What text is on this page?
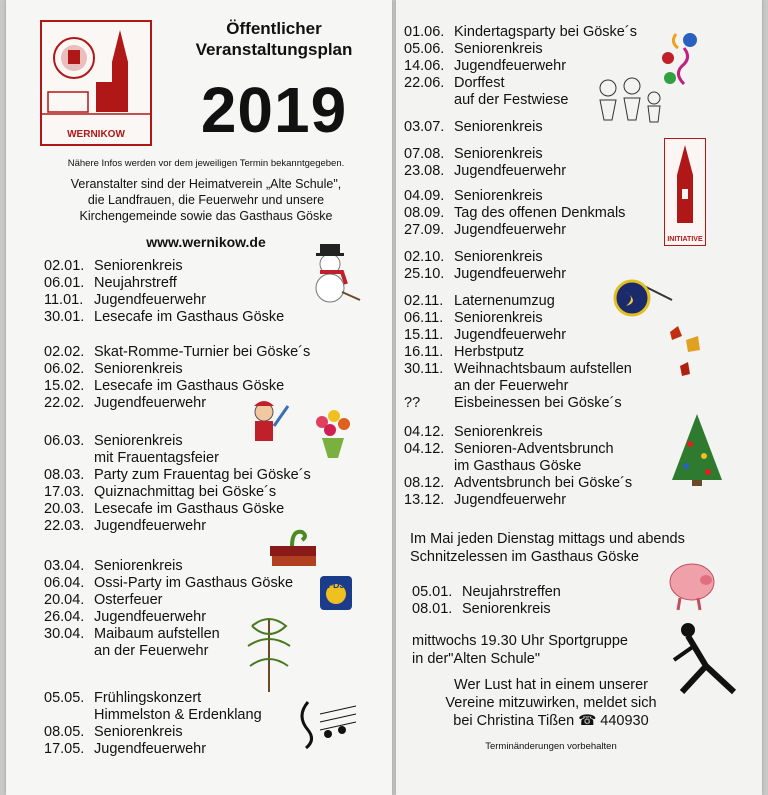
WERNIKOW
Öffentlicher
Veranstaltungsplan
2019
Nähere Infos werden vor dem jeweiligen Termin bekanntgegeben.
Veranstalter sind der Heimatverein „Alte Schule",
die Landfrauen, die Feuerwehr und unsere
Kirchengemeinde sowie das Gasthaus Göske
www.wernikow.de
02.01. Seniorenkreis
06.01. Neujahrstreff
11.01. Jugendfeuerwehr
30.01. Lesecafe im Gasthaus Göske
02.02. Skat-Romme-Turnier bei Göske´s
06.02. Seniorenkreis
15.02. Lesecafe im Gasthaus Göske
22.02. Jugendfeuerwehr
06.03. Seniorenkreis
mit Frauentagsfeier
08.03. Party zum Frauentag bei Göske´s
17.03. Quiznachmittag bei Göske´s
20.03. Lesecafe im Gasthaus Göske
22.03. Jugendfeuerwehr
03.04. Seniorenkreis
06.04. Ossi-Party im Gasthaus Göske
20.04. Osterfeuer
26.04. Jugendfeuerwehr
30.04. Maibaum aufstellen
an der Feuerwehr
05.05. Frühlingskonzert
Himmelston & Erdenklang
08.05. Seniorenkreis
17.05. Jugendfeuerwehr
FDJ
01.06. Kindertagsparty bei Göske´s
05.06. Seniorenkreis
14.06. Jugendfeuerwehr
22.06. Dorffest
auf der Festwiese
03.07. Seniorenkreis
07.08. Seniorenkreis
23.08. Jugendfeuerwehr
04.09. Seniorenkreis
08.09. Tag des offenen Denkmals
27.09. Jugendfeuerwehr
02.10. Seniorenkreis
25.10. Jugendfeuerwehr
02.11. Laternenumzug
06.11. Seniorenkreis
15.11. Jugendfeuerwehr
16.11. Herbstputz
30.11. Weihnachtsbaum aufstellen
an der Feuerwehr
?? Eisbeinessen bei Göske´s
04.12. Seniorenkreis
04.12. Senioren-Adventsbrunch
im Gasthaus Göske
08.12. Adventsbrunch bei Göske´s
13.12. Jugendfeuerwehr
Im Mai jeden Dienstag mittags und abends
Schnitzelessen im Gasthaus Göske
05.01. Neujahrstreffen
08.01. Seniorenkreis
mittwochs 19.30 Uhr Sportgruppe
in der"Alten Schule"
Wer Lust hat in einem unserer
Vereine mitzuwirken, meldet sich
bei Christina Tißen ☎ 440930
Terminänderungen vorbehalten
INITIATIVE
